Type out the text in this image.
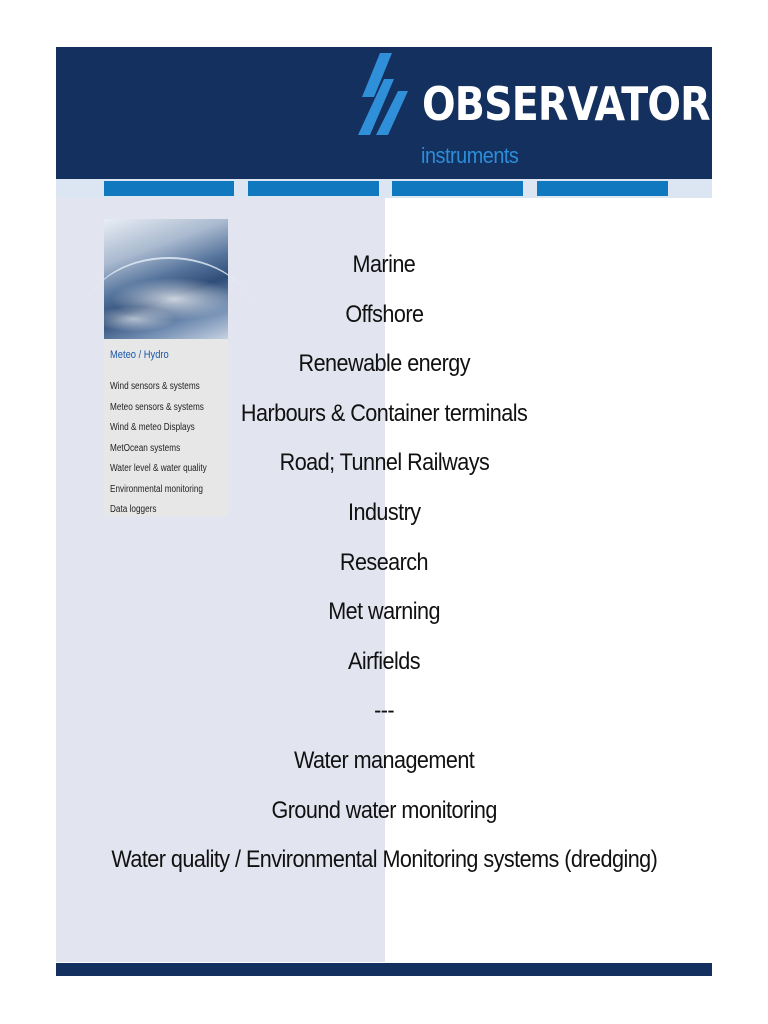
OBSERVATOR
instruments
Meteo / Hydro
Wind sensors & systems
Meteo sensors & systems
Wind & meteo Displays
MetOcean systems
Water level & water quality
Environmental monitoring
Data loggers
Marine
Offshore
Renewable energy
Harbours & Container terminals
Road; Tunnel Railways
Industry
Research
Met warning
Airfields
---
Water management
Ground water monitoring
Water quality / Environmental Monitoring systems (dredging)
